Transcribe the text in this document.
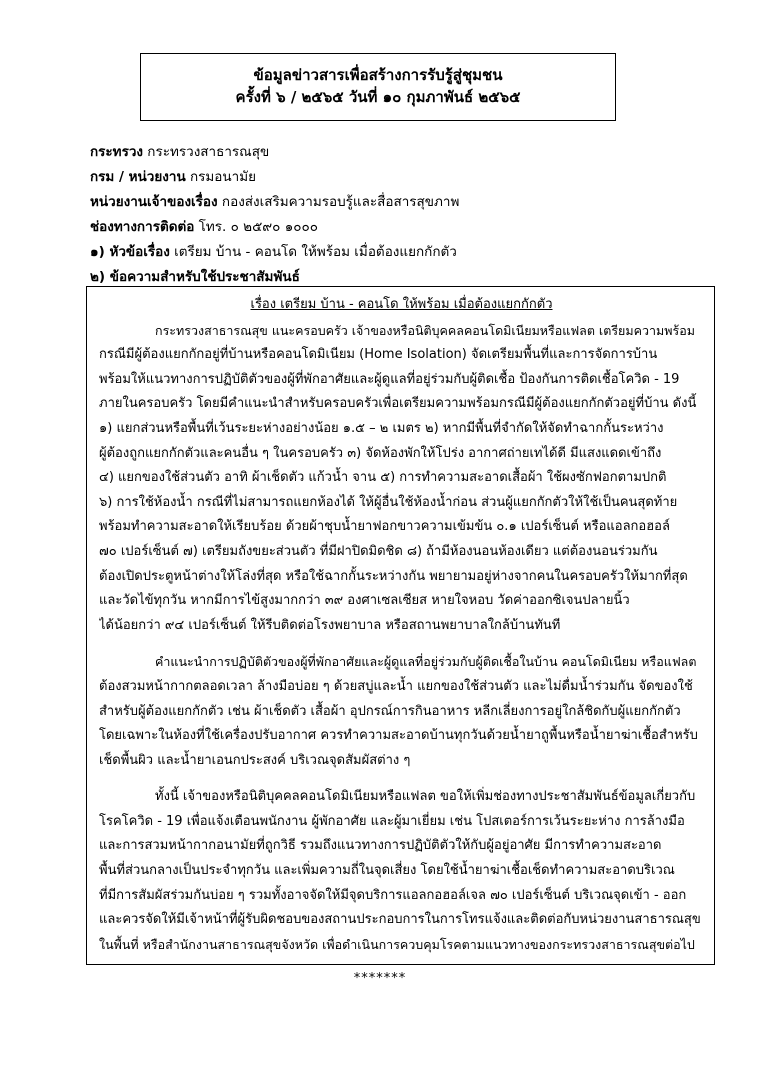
ข้อมูลข่าวสารเพื่อสร้างการรับรู้สู่ชุมชน
ครั้งที่ ๖ / ๒๕๖๕ วันที่ ๑๐ กุมภาพันธ์ ๒๕๖๕
กระทรวง กระทรวงสาธารณสุข
กรม / หน่วยงาน กรมอนามัย
หน่วยงานเจ้าของเรื่อง กองส่งเสริมความรอบรู้และสื่อสารสุขภาพ
ช่องทางการติดต่อ โทร. ๐ ๒๕๙๐ ๑๐๐๐
๑) หัวข้อเรื่อง เตรียม บ้าน - คอนโด ให้พร้อม เมื่อต้องแยกกักตัว
๒) ข้อความสำหรับใช้ประชาสัมพันธ์
เรื่อง เตรียม บ้าน - คอนโด ให้พร้อม เมื่อต้องแยกกักตัว
กระทรวงสาธารณสุข แนะครอบครัว เจ้าของหรือนิติบุคคลคอนโดมิเนียมหรือแฟลต เตรียมความพร้อม
กรณีมีผู้ต้องแยกกักอยู่ที่บ้านหรือคอนโดมิเนียม (Home Isolation) จัดเตรียมพื้นที่และการจัดการบ้าน
พร้อมให้แนวทางการปฏิบัติตัวของผู้ที่พักอาศัยและผู้ดูแลที่อยู่ร่วมกับผู้ติดเชื้อ ป้องกันการติดเชื้อโควิด - 19
ภายในครอบครัว โดยมีคำแนะนำสำหรับครอบครัวเพื่อเตรียมความพร้อมกรณีมีผู้ต้องแยกกักตัวอยู่ที่บ้าน ดังนี้
๑) แยกส่วนหรือพื้นที่เว้นระยะห่างอย่างน้อย ๑.๕ – ๒ เมตร ๒) หากมีพื้นที่จำกัดให้จัดทำฉากกั้นระหว่าง
ผู้ต้องถูกแยกกักตัวและคนอื่น ๆ ในครอบครัว ๓) จัดห้องพักให้โปร่ง อากาศถ่ายเทได้ดี มีแสงแดดเข้าถึง
๔) แยกของใช้ส่วนตัว อาทิ ผ้าเช็ดตัว แก้วน้ำ จาน ๕) การทำความสะอาดเสื้อผ้า ใช้ผงซักฟอกตามปกติ
๖) การใช้ห้องน้ำ กรณีที่ไม่สามารถแยกห้องได้ ให้ผู้อื่นใช้ห้องน้ำก่อน ส่วนผู้แยกกักตัวให้ใช้เป็นคนสุดท้าย
พร้อมทำความสะอาดให้เรียบร้อย ด้วยผ้าชุบน้ำยาฟอกขาวความเข้มข้น ๐.๑ เปอร์เซ็นต์ หรือแอลกอฮอล์
๗๐ เปอร์เซ็นต์ ๗) เตรียมถังขยะส่วนตัว ที่มีฝาปิดมิดชิด ๘) ถ้ามีห้องนอนห้องเดียว แต่ต้องนอนร่วมกัน
ต้องเปิดประตูหน้าต่างให้โล่งที่สุด หรือใช้ฉากกั้นระหว่างกัน พยายามอยู่ห่างจากคนในครอบครัวให้มากที่สุด
และวัดไข้ทุกวัน หากมีการไข้สูงมากกว่า ๓๙ องศาเซลเซียส หายใจหอบ วัดค่าออกซิเจนปลายนิ้ว
ได้น้อยกว่า ๙๔ เปอร์เซ็นต์ ให้รีบติดต่อโรงพยาบาล หรือสถานพยาบาลใกล้บ้านทันที
คำแนะนำการปฏิบัติตัวของผู้ที่พักอาศัยและผู้ดูแลที่อยู่ร่วมกับผู้ติดเชื้อในบ้าน คอนโดมิเนียม หรือแฟลต
ต้องสวมหน้ากากตลอดเวลา ล้างมือบ่อย ๆ ด้วยสบู่และน้ำ แยกของใช้ส่วนตัว และไม่ดื่มน้ำร่วมกัน จัดของใช้
สำหรับผู้ต้องแยกกักตัว เช่น ผ้าเช็ดตัว เสื้อผ้า อุปกรณ์การกินอาหาร หลีกเลี่ยงการอยู่ใกล้ชิดกับผู้แยกกักตัว
โดยเฉพาะในห้องที่ใช้เครื่องปรับอากาศ ควรทำความสะอาดบ้านทุกวันด้วยน้ำยาถูพื้นหรือน้ำยาฆ่าเชื้อสำหรับ
เช็ดพื้นผิว และน้ำยาเอนกประสงค์ บริเวณจุดสัมผัสต่าง ๆ
ทั้งนี้ เจ้าของหรือนิติบุคคลคอนโดมิเนียมหรือแฟลต ขอให้เพิ่มช่องทางประชาสัมพันธ์ข้อมูลเกี่ยวกับ
โรคโควิด - 19 เพื่อแจ้งเตือนพนักงาน ผู้พักอาศัย และผู้มาเยี่ยม เช่น โปสเตอร์การเว้นระยะห่าง การล้างมือ
และการสวมหน้ากากอนามัยที่ถูกวิธี รวมถึงแนวทางการปฏิบัติตัวให้กับผู้อยู่อาศัย มีการทำความสะอาด
พื้นที่ส่วนกลางเป็นประจำทุกวัน และเพิ่มความถี่ในจุดเสี่ยง โดยใช้น้ำยาฆ่าเชื้อเช็ดทำความสะอาดบริเวณ
ที่มีการสัมผัสร่วมกันบ่อย ๆ รวมทั้งอาจจัดให้มีจุดบริการแอลกอฮอล์เจล ๗๐ เปอร์เซ็นต์ บริเวณจุดเข้า - ออก
และควรจัดให้มีเจ้าหน้าที่ผู้รับผิดชอบของสถานประกอบการในการโทรแจ้งและติดต่อกับหน่วยงานสาธารณสุข
ในพื้นที่ หรือสำนักงานสาธารณสุขจังหวัด เพื่อดำเนินการควบคุมโรคตามแนวทางของกระทรวงสาธารณสุขต่อไป
*******
